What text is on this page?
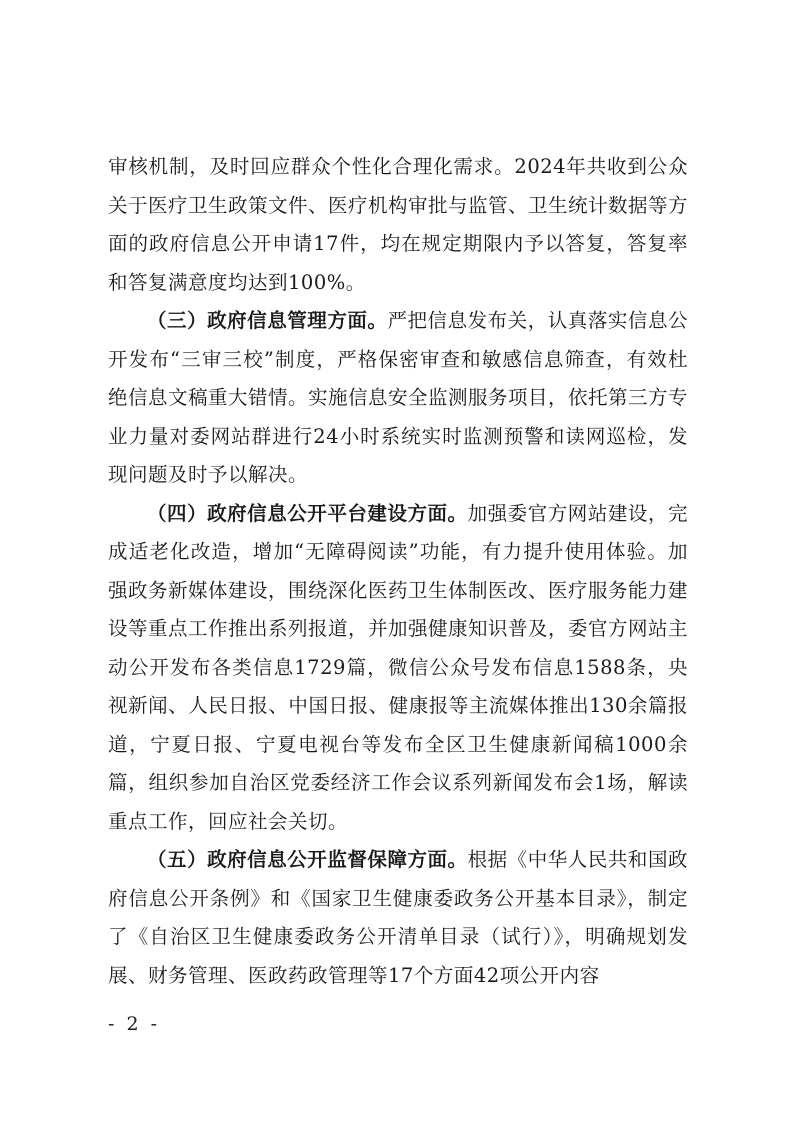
审核机制，及时回应群众个性化合理化需求。2024年共收到公众关于医疗卫生政策文件、医疗机构审批与监管、卫生统计数据等方面的政府信息公开申请17件，均在规定期限内予以答复，答复率和答复满意度均达到100%。

（三）政府信息管理方面。严把信息发布关，认真落实信息公开发布“三审三校”制度，严格保密审查和敏感信息筛查，有效杜绝信息文稿重大错情。实施信息安全监测服务项目，依托第三方专业力量对委网站群进行24小时系统实时监测预警和读网巡检，发现问题及时予以解决。

（四）政府信息公开平台建设方面。加强委官方网站建设，完成适老化改造，增加“无障碍阅读”功能，有力提升使用体验。加强政务新媒体建设，围绕深化医药卫生体制医改、医疗服务能力建设等重点工作推出系列报道，并加强健康知识普及，委官方网站主动公开发布各类信息1729篇，微信公众号发布信息1588条，央视新闻、人民日报、中国日报、健康报等主流媒体推出130余篇报道，宁夏日报、宁夏电视台等发布全区卫生健康新闻稿1000余篇，组织参加自治区党委经济工作会议系列新闻发布会1场，解读重点工作，回应社会关切。

（五）政府信息公开监督保障方面。根据《中华人民共和国政府信息公开条例》和《国家卫生健康委政务公开基本目录》，制定了《自治区卫生健康委政务公开清单目录（试行）》，明确规划发展、财务管理、医政药政管理等17个方面42项公开内容

- 2 -
